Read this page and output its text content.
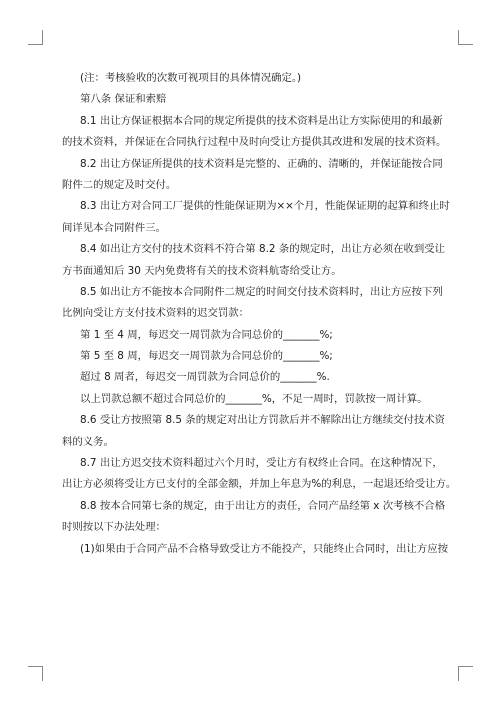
(注：考核验收的次数可视项目的具体情况确定。)
第八条 保证和索赔
8.1 出让方保证根据本合同的规定所提供的技术资料是出让方实际使用的和最新
的技术资料，并保证在合同执行过程中及时向受让方提供其改进和发展的技术资料。
8.2 出让方保证所提供的技术资料是完整的、正确的、清晰的，并保证能按合同
附件二的规定及时交付。
8.3 出让方对合同工厂提供的性能保证期为××个月，性能保证期的起算和终止时
间详见本合同附件三。
8.4 如出让方交付的技术资料不符合第 8.2 条的规定时，出让方必须在收到受让
方书面通知后 30 天内免费将有关的技术资料航寄给受让方。
8.5 如出让方不能按本合同附件二规定的时间交付技术资料时，出让方应按下列
比例向受让方支付技术资料的迟交罚款：
第 1 至 4 周，每迟交一周罚款为合同总价的_______%;
第 5 至 8 周，每迟交一周罚款为合同总价的_______%;
超过 8 周者，每迟交一周罚款为合同总价的_______%.
以上罚款总额不超过合同总价的_______%，不足一周时，罚款按一周计算。
8.6 受让方按照第 8.5 条的规定对出让方罚款后并不解除出让方继续交付技术资
料的义务。
8.7 出让方迟交技术资料超过六个月时，受让方有权终止合同。在这种情况下，
出让方必须将受让方已支付的全部金额，并加上年息为%的利息，一起退还给受让方。
8.8 按本合同第七条的规定，由于出让方的责任，合同产品经第 x 次考核不合格
时则按以下办法处理：
(1)如果由于合同产品不合格导致受让方不能投产，只能终止合同时，出让方应按
